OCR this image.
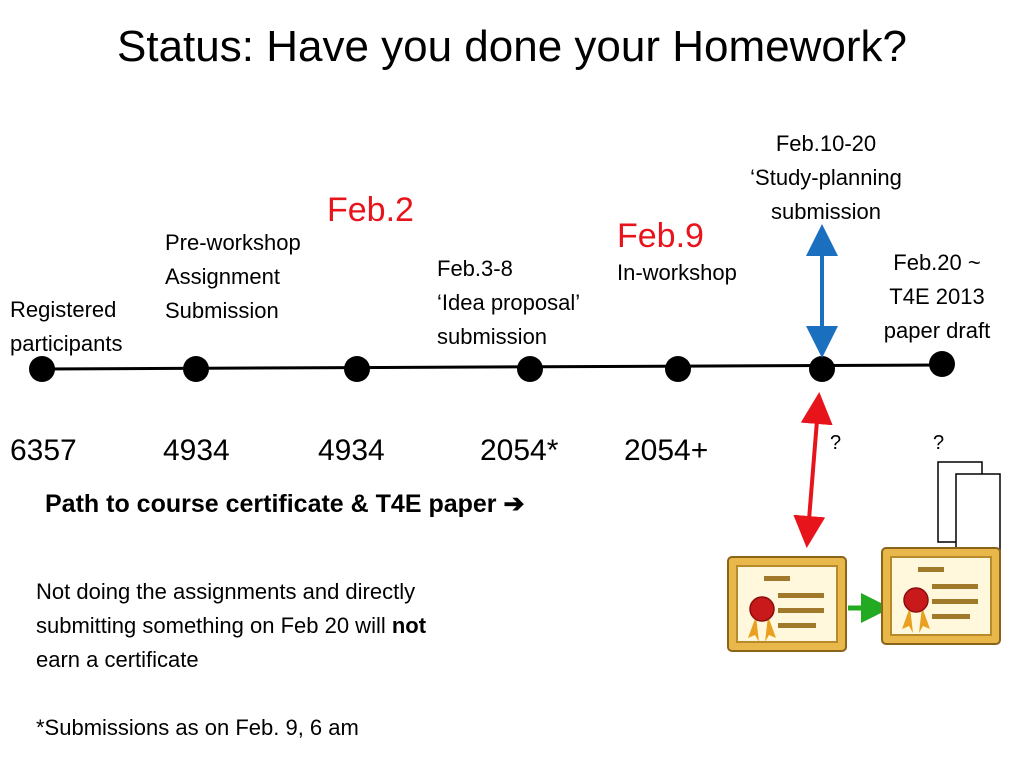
Status: Have you done your Homework?
Registered
participants
Pre-workshop
Assignment
Submission
Feb.2
Feb.3-8
‘Idea proposal’
submission
Feb.9
In-workshop
Feb.10-20
‘Study-planning
submission
Feb.20 ~
T4E 2013
paper draft
6357	4934	4934	2054* 2054+	?	?
Path to course certificate & T4E paper ➔
Not doing the assignments and directly
submitting something on Feb 20 will not
earn a certificate
*Submissions as on Feb. 9, 6 am
